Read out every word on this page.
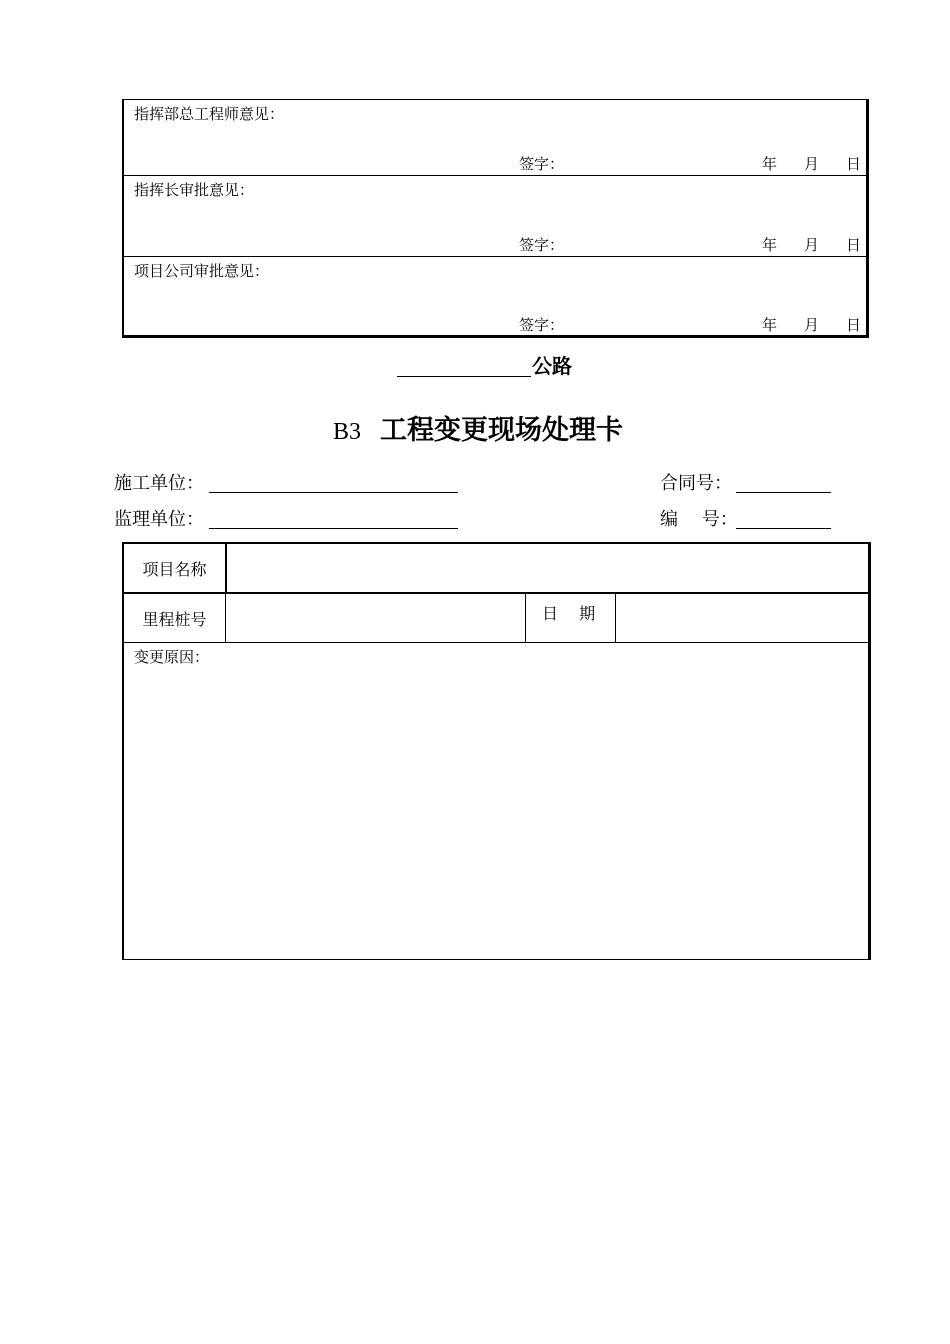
指挥部总工程师意见：
签字：	年 月 日
指挥长审批意见：
签字：	年 月 日
项目公司审批意见：
签字：	年 月 日
公路
B3 工程变更现场处理卡
施工单位：	合同号：
监理单位：	编　 号：
项目名称
里程桩号	日　 期
变更原因：
